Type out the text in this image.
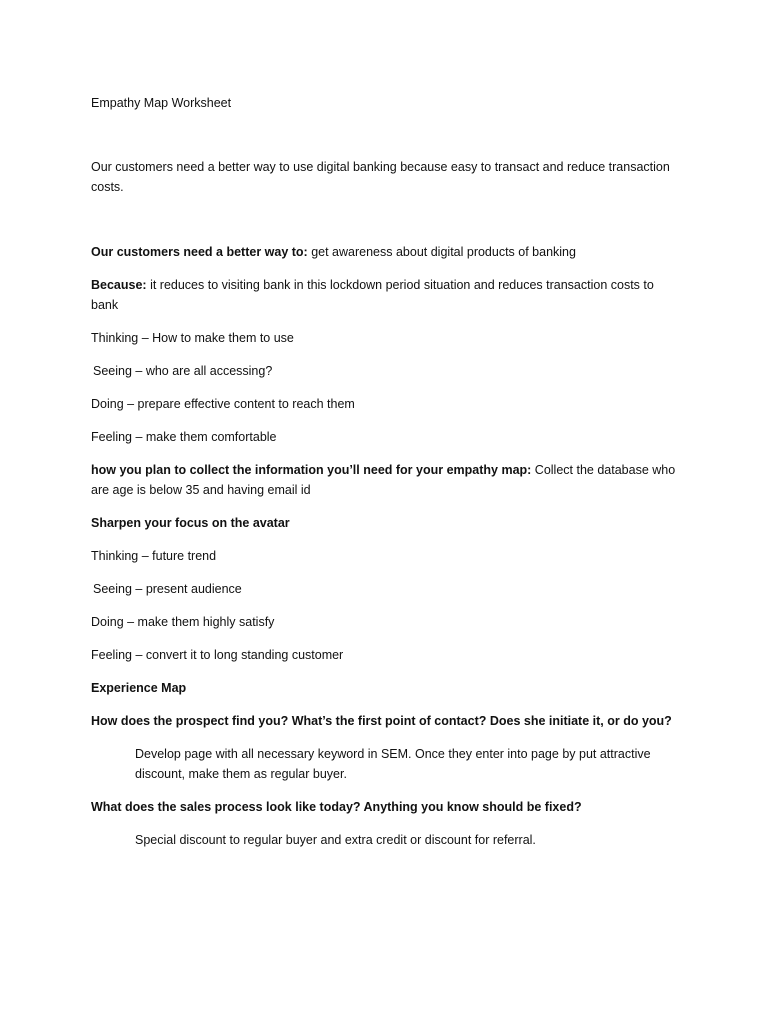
Empathy Map Worksheet

Our customers need a better way to use digital banking because easy to transact and reduce transaction costs.

Our customers need a better way to: get awareness about digital products of banking

Because: it reduces to visiting bank in this lockdown period situation and reduces transaction costs to bank

Thinking – How to make them to use

Seeing – who are all accessing?

Doing – prepare effective content to reach them

Feeling – make them comfortable

how you plan to collect the information you’ll need for your empathy map: Collect the database who are age is below 35 and having email id

Sharpen your focus on the avatar

Thinking – future trend

Seeing – present audience

Doing – make them highly satisfy

Feeling – convert it to long standing customer

Experience Map

How does the prospect find you? What’s the first point of contact? Does she initiate it, or do you?

Develop page with all necessary keyword in SEM. Once they enter into page by put attractive discount, make them as regular buyer.

What does the sales process look like today? Anything you know should be fixed?

Special discount to regular buyer and extra credit or discount for referral.
